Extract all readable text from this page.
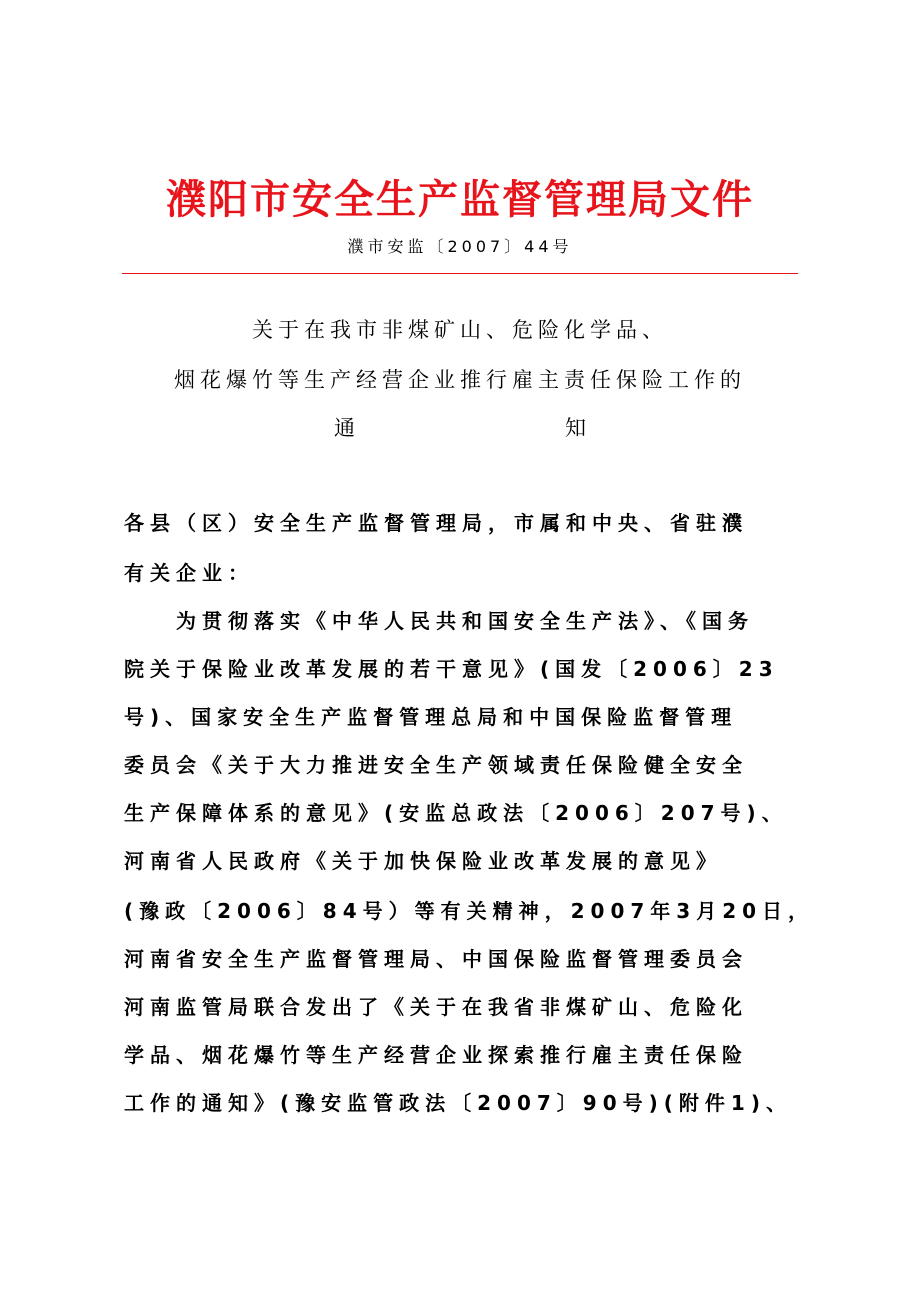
濮阳市安全生产监督管理局文件
濮市安监〔2007〕44号
关于在我市非煤矿山、危险化学品、
烟花爆竹等生产经营企业推行雇主责任保险工作的
通	知
各县（区）安全生产监督管理局，市属和中央、省驻濮
有关企业：
为贯彻落实《中华人民共和国安全生产法》、《国务
院关于保险业改革发展的若干意见》(国发〔2006〕23
号)、国家安全生产监督管理总局和中国保险监督管理
委员会《关于大力推进安全生产领域责任保险健全安全
生产保障体系的意见》(安监总政法〔2006〕207号)、
河南省人民政府《关于加快保险业改革发展的意见》
(豫政〔2006〕84号）等有关精神，2007年3月20日，
河南省安全生产监督管理局、中国保险监督管理委员会
河南监管局联合发出了《关于在我省非煤矿山、危险化
学品、烟花爆竹等生产经营企业探索推行雇主责任保险
工作的通知》(豫安监管政法〔2007〕90号)(附件1)、
